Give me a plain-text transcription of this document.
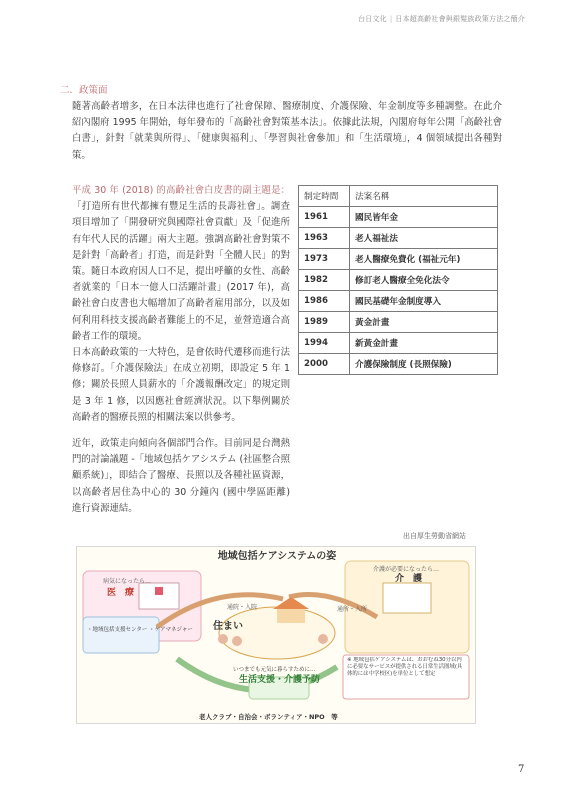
台日文化 | 日本超高齡社會與銀髮族政策方法之簡介
二．政策面

隨著高齡者增多，在日本法律也進行了社會保障、醫療制度、介護保險、年金制度等多種調整。在此介紹內閣府 1995 年開始，每年發布的「高齡社會對策基本法」。依據此法規，內閣府每年公開「高齡社會白書」，針對「就業與所得」、「健康與福利」、「學習與社會參加」和「生活環境」，4 個領域提出各種對策。

平成 30 年 (2018) 的高齡社會白皮書的副主題是：「打造所有世代都擁有豐足生活的長壽社會」。調查項目增加了「開發研究與國際社會貢獻」及「促進所有年代人民的活躍」兩大主題。強調高齡社會對策不是針對「高齡者」打造，而是針對「全體人民」的對策。隨日本政府因人口不足，提出呼籲的女性、高齡者就業的「日本一億人口活躍計畫」(2017 年)，高齡社會白皮書也大幅增加了高齡者雇用部分，以及如何利用科技支援高齡者難能上的不足，並營造適合高齡者工作的環境。

日本高齡政策的一大特色，是會依時代遷移而進行法條修訂。「介護保險法」在成立初期，即設定 5 年 1 修；關於長照人員薪水的「介護報酬改定」的規定則是 3 年 1 修，以因應社會經濟狀況。以下舉例關於高齡者的醫療長照的相關法案以供參考。

近年，政策走向傾向各個部門合作。目前同是台灣熱門的討論議題 -「地域包括ケアシステム (社區整合照顧系統)」，即結合了醫療、長照以及各種社區資源，以高齡者居住為中心的 30 分鐘內 (國中學區距離) 進行資源連結。

制定時間	法案名稱
1961	國民皆年金
1963	老人福祉法
1973	老人醫療免費化 (福祉元年)
1982	修訂老人醫療全免化法令
1986	國民基礎年金制度導入
1989	黃金計畫
1994	新黃金計畫
2000	介護保險制度 (長照保險)
出自厚生勞動省網站
地域包括ケアシステムの姿
病気になったら…
医　療
介護が必要になったら…
介　護
住まい
・地域包括支援センター ・ケアマネジャー
いつまでも元気に暮らすために…
生活支援・介護予防
老人クラブ・自治会・ボランティア・NPO　等
通院・入院	通所・入所
※ 地域包括ケアシステムは、おおむね30分以内に必要なサービスが提供される日常生活圏域(具体的には中学校区)を単位として想定
7
